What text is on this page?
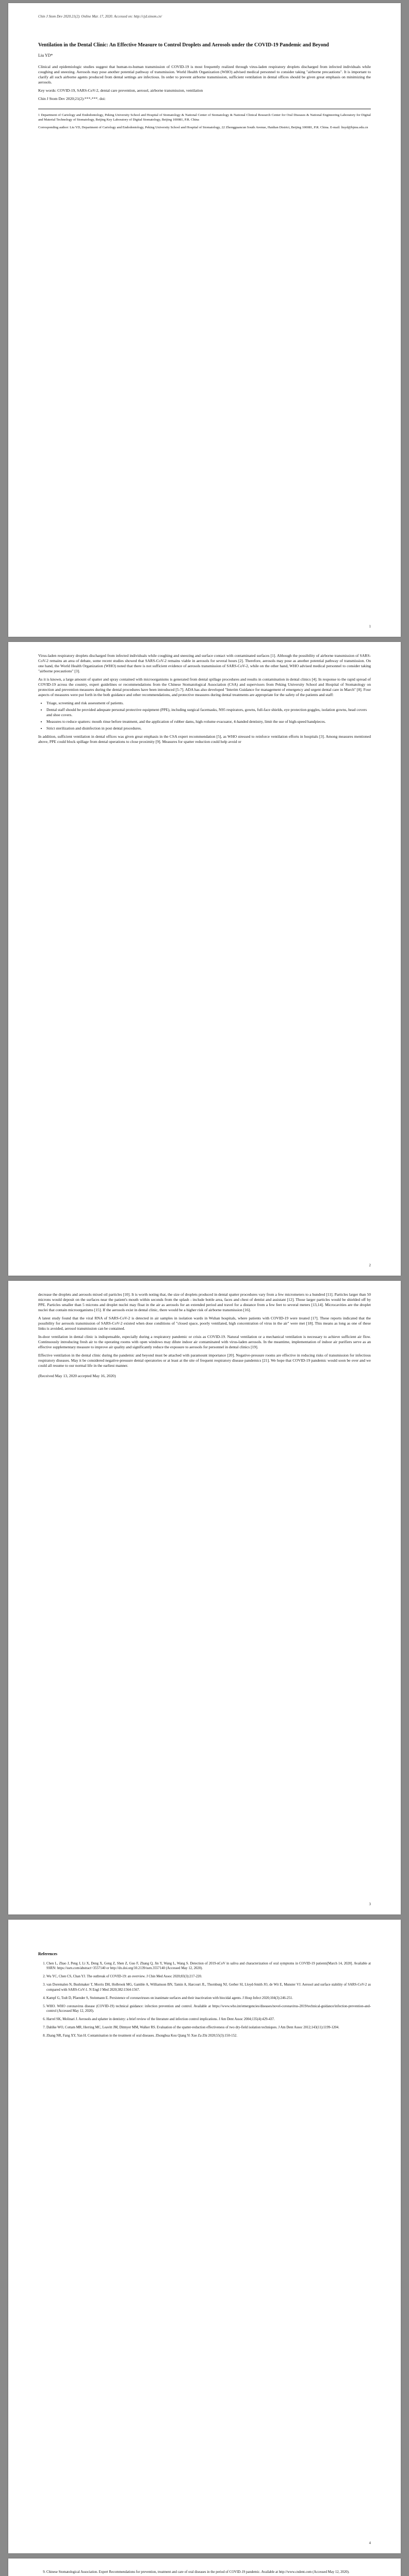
Chin J Stom Dev 2020.21(2). Online Mar. 17, 2020. Accessed on: http://cjd.sinom.cn/
Ventilation in the Dental Clinic: An Effective Measure to Control Droplets and Aerosols under the COVID-19 Pandemic and Beyond
Liu YD*

Clinical and epidemiologic studies suggest that human-to-human transmission of COVID-19 is most frequently realized through virus-laden respiratory droplets discharged from infected individuals while coughing and sneezing. Aerosols may pose another potential pathway of transmission. World Health Organization (WHO) advised medical personnel to consider taking "airborne precautions". It is important to clarify all such airborne agents produced from dental settings are infectious. In order to prevent airborne transmission, sufficient ventilation in dental offices should be given great emphasis on minimizing the aerosols.

Key words: COVID-19, SARS-CoV-2, dental care prevention, aerosol, airborne transmission, ventilation

Chin J Stom Dev 2020;21(2):***-***. doi:

1 Department of Cariology and Endodontology, Peking University School and Hospital of Stomatology & National Center of Stomatology & National Clinical Research Center for Oral Diseases & National Engineering Laboratory for Digital and Material Technology of Stomatology, Beijing Key Laboratory of Digital Stomatology, Beijing 100081, P.R. China

Corresponding author: Liu YD, Department of Cariology and Endodontology, Peking University School and Hospital of Stomatology, 22 Zhongguancun South Avenue, Haidian District, Beijing 100081, P.R. China. E-mail: liuyd@bjmu.edu.cn

1

Virus-laden respiratory droplets discharged from infected individuals while coughing and sneezing and surface contact with contaminated surfaces [1]. Although the possibility of airborne transmission of SARS-CoV-2 remains an area of debate, some recent studies showed that SARS-CoV-2 remains viable in aerosols for several hours [2]. Therefore, aerosols may pose as another potential pathway of transmission. On one hand, the World Health Organization (WHO) noted that there is not sufficient evidence of aerosols transmission of SARS-CoV-2, while on the other hand, WHO advised medical personnel to consider taking "airborne precautions" [3].

As it is known, a large amount of spatter and spray contained with microorganisms is generated from dental spillage procedures and results in contamination in dental clinics [4]. In response to the rapid spread of COVID-19 across the country, expert guidelines or recommendations from the Chinese Stomatological Association (CSA) and supervisors from Peking University School and Hospital of Stomatology on protection and prevention measures during the dental procedures have been introduced [5-7]. ADA has also developed "Interim Guidance for management of emergency and urgent dental care in March" [8]. Four aspects of measures were put forth in the both guidance and other recommendations, and protective measures during dental treatments are appropriate for the safety of the patients and staff:

• Triage, screening and risk assessment of patients.
• Dental staff should be provided adequate personal protective equipment (PPE), including surgical facemasks, N95 respirators, gowns, full-face shields, eye protection goggles, isolation gowns, head covers and shoe covers.
• Measures to reduce spatters: mouth rinse before treatment, and the application of rubber dams, high-volume evacuator, 4-handed dentistry, limit the use of high-speed handpieces.
• Strict sterilization and disinfection in post dental procedures.

In addition, sufficient ventilation in dental offices was given great emphasis in the CSA expert recommendation [5], as WHO stressed to reinforce ventilation efforts in hospitals [3]. Among measures mentioned above, PPE could block spillage from dental operations to close proximity [9]. Measures for spatter reduction could help avoid or

2

decrease the droplets and aerosols mixed oil particles [10]. It is worth noting that, the size of droplets produced in dental spatter procedures vary from a few micrometers to a hundred [11]. Particles larger than 50 microns would deposit on the surfaces near the patient's mouth within seconds from the splash - include bottle area, faces and chest of dentist and assistant [12]. Those larger particles would be shielded off by PPE. Particles smaller than 5 microns and droplet nuclei may float in the air as aerosols for an extended period and travel for a distance from a few feet to several meters [13,14]. Microcavities are the droplet nuclei that contain microorganisms [15]. If the aerosols exist in dental clinic, there would be a higher risk of airborne transmission [16].

A latest study found that the viral RNA of SARS-CoV-2 is detected in air samples in isolation wards in Wuhan hospitals, where patients with COVID-19 were treated [17]. These reports indicated that the possibility for aerosols transmission of SARS-CoV-2 existed when dose conditions of "closed space, poorly ventilated, high concentration of virus in the air" were met [18]. This means as long as one of these links is avoided, aerosol transmission can be contained.

In-door ventilation in dental clinic is indispensable, especially during a respiratory pandemic or crisis as COVID-19. Natural ventilation or a mechanical ventilation is necessary to achieve sufficient air flow. Continuously introducing fresh air to the operating rooms with open windows may dilute indoor air contaminated with virus-laden aerosols. In the meantime, implementation of indoor air purifiers serve as an effective supplementary measure to improve air quality and significantly reduce the exposure to aerosols for personnel in dental clinics [19].

Effective ventilation in the dental clinic during the pandemic and beyond must be attached with paramount importance [20]. Negative-pressure rooms are effective in reducing risks of transmission for infectious respiratory diseases. May it be considered negative-pressure dental operatories or at least at the site of frequent respiratory disease pandemics [21]. We hope that COVID-19 pandemic would soon be over and we could all resume to our normal life in the earliest manner.

(Received May 13, 2020 accepted May 16, 2020)

3
References
1. Chen L, Zhao J, Peng J, Li X, Deng X, Geng Z, Shen Z, Guo F, Zhang Q, Jin Y, Wang L, Wang S. Detection of 2019-nCoV in saliva and characterization of oral symptoms in COVID-19 patients[March 14, 2020]. Available at SSRN: https://ssrn.com/abstract=3557140 or http://dx.doi.org/10.2139/ssrn.3557140 (Accessed May 12, 2020).
2. Wu YC, Chen CS, Chan YJ. The outbreak of COVID-19: an overview. J Chin Med Assoc 2020;83(3):217-220.
3. van Doremalen N, Bushmaker T, Morris DH, Holbrook MG, Gamble A, Williamson BN, Tamin A, Harcourt JL, Thornburg NJ, Gerber SI, Lloyd-Smith JO, de Wit E, Munster VJ. Aerosol and surface stability of SARS-CoV-2 as compared with SARS-CoV-1. N Engl J Med 2020;382:1564-1567.
4. Kampf G, Todt D, Pfaender S, Steinmann E. Persistence of coronaviruses on inanimate surfaces and their inactivation with biocidal agents. J Hosp Infect 2020;104(3):246-251.
5. WHO. WHO coronavirus disease (COVID-19) technical guidance: infection prevention and control. Available at https://www.who.int/emergencies/diseases/novel-coronavirus-2019/technical-guidance/infection-prevention-and-control (Accessed May 12, 2020).
6. Harrel SK, Molinari J. Aerosols and splatter in dentistry: a brief review of the literature and infection control implications. J Am Dent Assoc 2004;135(4):429-437.
7. Dahlke WO, Cottam MR, Herring MC, Leavitt JM, Ditmyer MM, Walker RS. Evaluation of the spatter-reduction effectiveness of two dry-field isolation techniques. J Am Dent Assoc 2012;143(11):1199-1204.
8. Zhang NR, Fang XY, Yan H. Contamination in the treatment of oral diseases. Zhonghua Kou Qiang Yi Xue Za Zhi 2020;55(3):150-152.
4
9. Chinese Stomatological Association. Expert Recommendations for prevention, treatment and care of oral diseases in the period of COVID-19 pandemic. Available at http://www.cndent.com (Accessed May 12, 2020).
